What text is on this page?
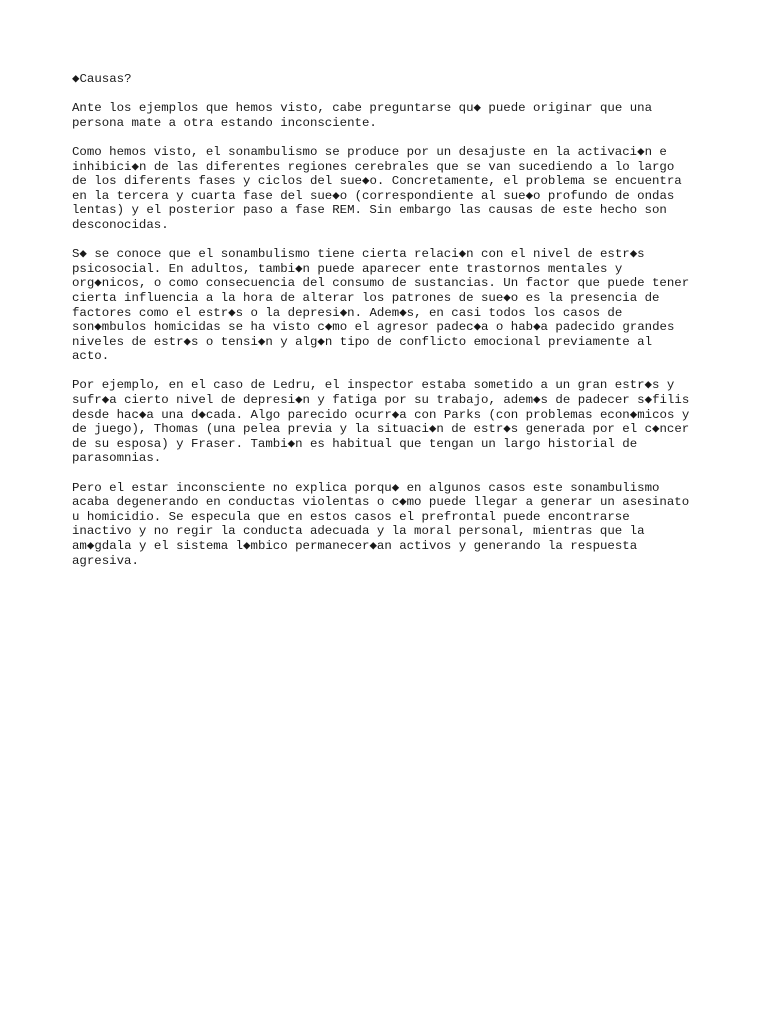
◆Causas?
Ante los ejemplos que hemos visto, cabe preguntarse qu◆ puede originar que una
persona mate a otra estando inconsciente.
Como hemos visto, el sonambulismo se produce por un desajuste en la activaci◆n e
inhibici◆n de las diferentes regiones cerebrales que se van sucediendo a lo largo
de los diferents fases y ciclos del sue◆o. Concretamente, el problema se encuentra
en la tercera y cuarta fase del sue◆o (correspondiente al sue◆o profundo de ondas
lentas) y el posterior paso a fase REM. Sin embargo las causas de este hecho son
desconocidas.
S◆ se conoce que el sonambulismo tiene cierta relaci◆n con el nivel de estr◆s
psicosocial. En adultos, tambi◆n puede aparecer ente trastornos mentales y
org◆nicos, o como consecuencia del consumo de sustancias. Un factor que puede tener
cierta influencia a la hora de alterar los patrones de sue◆o es la presencia de
factores como el estr◆s o la depresi◆n. Adem◆s, en casi todos los casos de
son◆mbulos homicidas se ha visto c◆mo el agresor padec◆a o hab◆a padecido grandes
niveles de estr◆s o tensi◆n y alg◆n tipo de conflicto emocional previamente al
acto.
Por ejemplo, en el caso de Ledru, el inspector estaba sometido a un gran estr◆s y
sufr◆a cierto nivel de depresi◆n y fatiga por su trabajo, adem◆s de padecer s◆filis
desde hac◆a una d◆cada. Algo parecido ocurr◆a con Parks (con problemas econ◆micos y
de juego), Thomas (una pelea previa y la situaci◆n de estr◆s generada por el c◆ncer
de su esposa) y Fraser. Tambi◆n es habitual que tengan un largo historial de
parasomnias.
Pero el estar inconsciente no explica porqu◆ en algunos casos este sonambulismo
acaba degenerando en conductas violentas o c◆mo puede llegar a generar un asesinato
u homicidio. Se especula que en estos casos el prefrontal puede encontrarse
inactivo y no regir la conducta adecuada y la moral personal, mientras que la
am◆gdala y el sistema l◆mbico permanecer◆an activos y generando la respuesta
agresiva.
